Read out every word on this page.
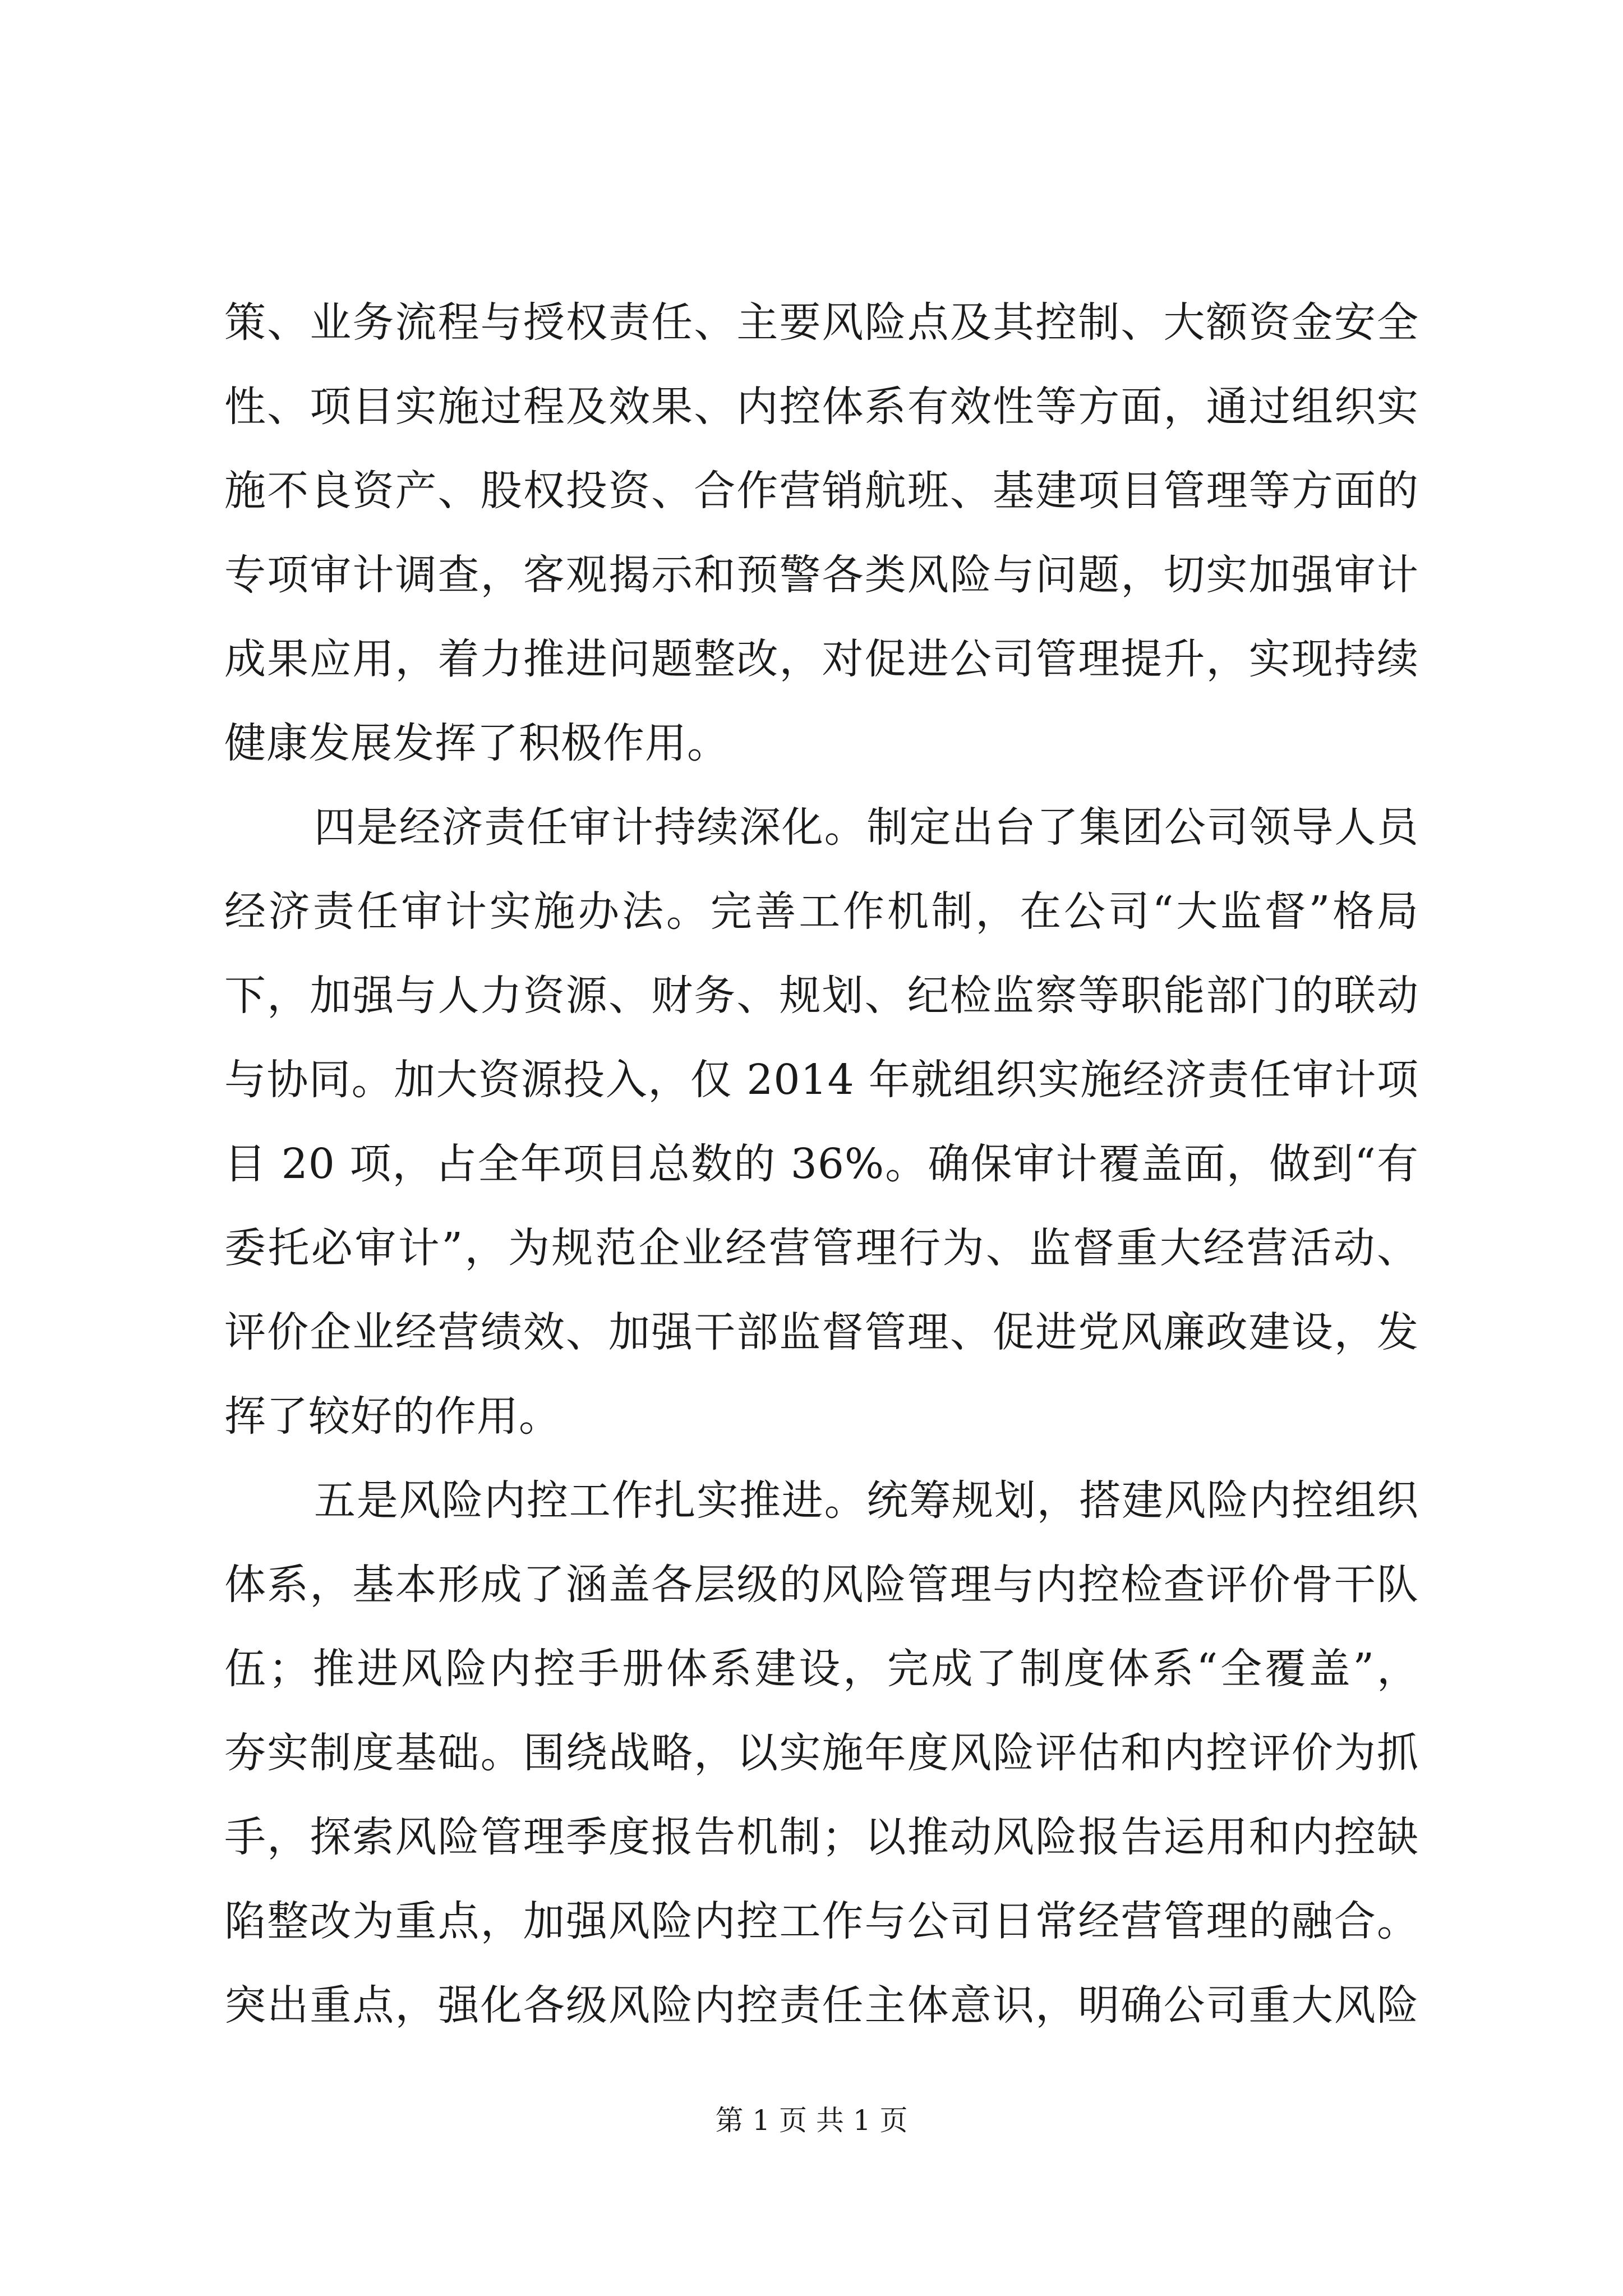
策、业务流程与授权责任、主要风险点及其控制、大额资金安全
性、项目实施过程及效果、内控体系有效性等方面，通过组织实
施不良资产、股权投资、合作营销航班、基建项目管理等方面的
专项审计调查，客观揭示和预警各类风险与问题，切实加强审计
成果应用，着力推进问题整改，对促进公司管理提升，实现持续
健康发展发挥了积极作用。
四是经济责任审计持续深化。制定出台了集团公司领导人员
经济责任审计实施办法。完善工作机制，在公司“大监督”格局
下，加强与人力资源、财务、规划、纪检监察等职能部门的联动
与协同。加大资源投入，仅 2014 年就组织实施经济责任审计项
目 20 项，占全年项目总数的 36%。确保审计覆盖面，做到“有
委托必审计”，为规范企业经营管理行为、监督重大经营活动、
评价企业经营绩效、加强干部监督管理、促进党风廉政建设，发
挥了较好的作用。
五是风险内控工作扎实推进。统筹规划，搭建风险内控组织
体系，基本形成了涵盖各层级的风险管理与内控检查评价骨干队
伍；推进风险内控手册体系建设，完成了制度体系“全覆盖”，
夯实制度基础。围绕战略，以实施年度风险评估和内控评价为抓
手，探索风险管理季度报告机制；以推动风险报告运用和内控缺
陷整改为重点，加强风险内控工作与公司日常经营管理的融合。
突出重点，强化各级风险内控责任主体意识，明确公司重大风险
第 1 页 共 1 页
